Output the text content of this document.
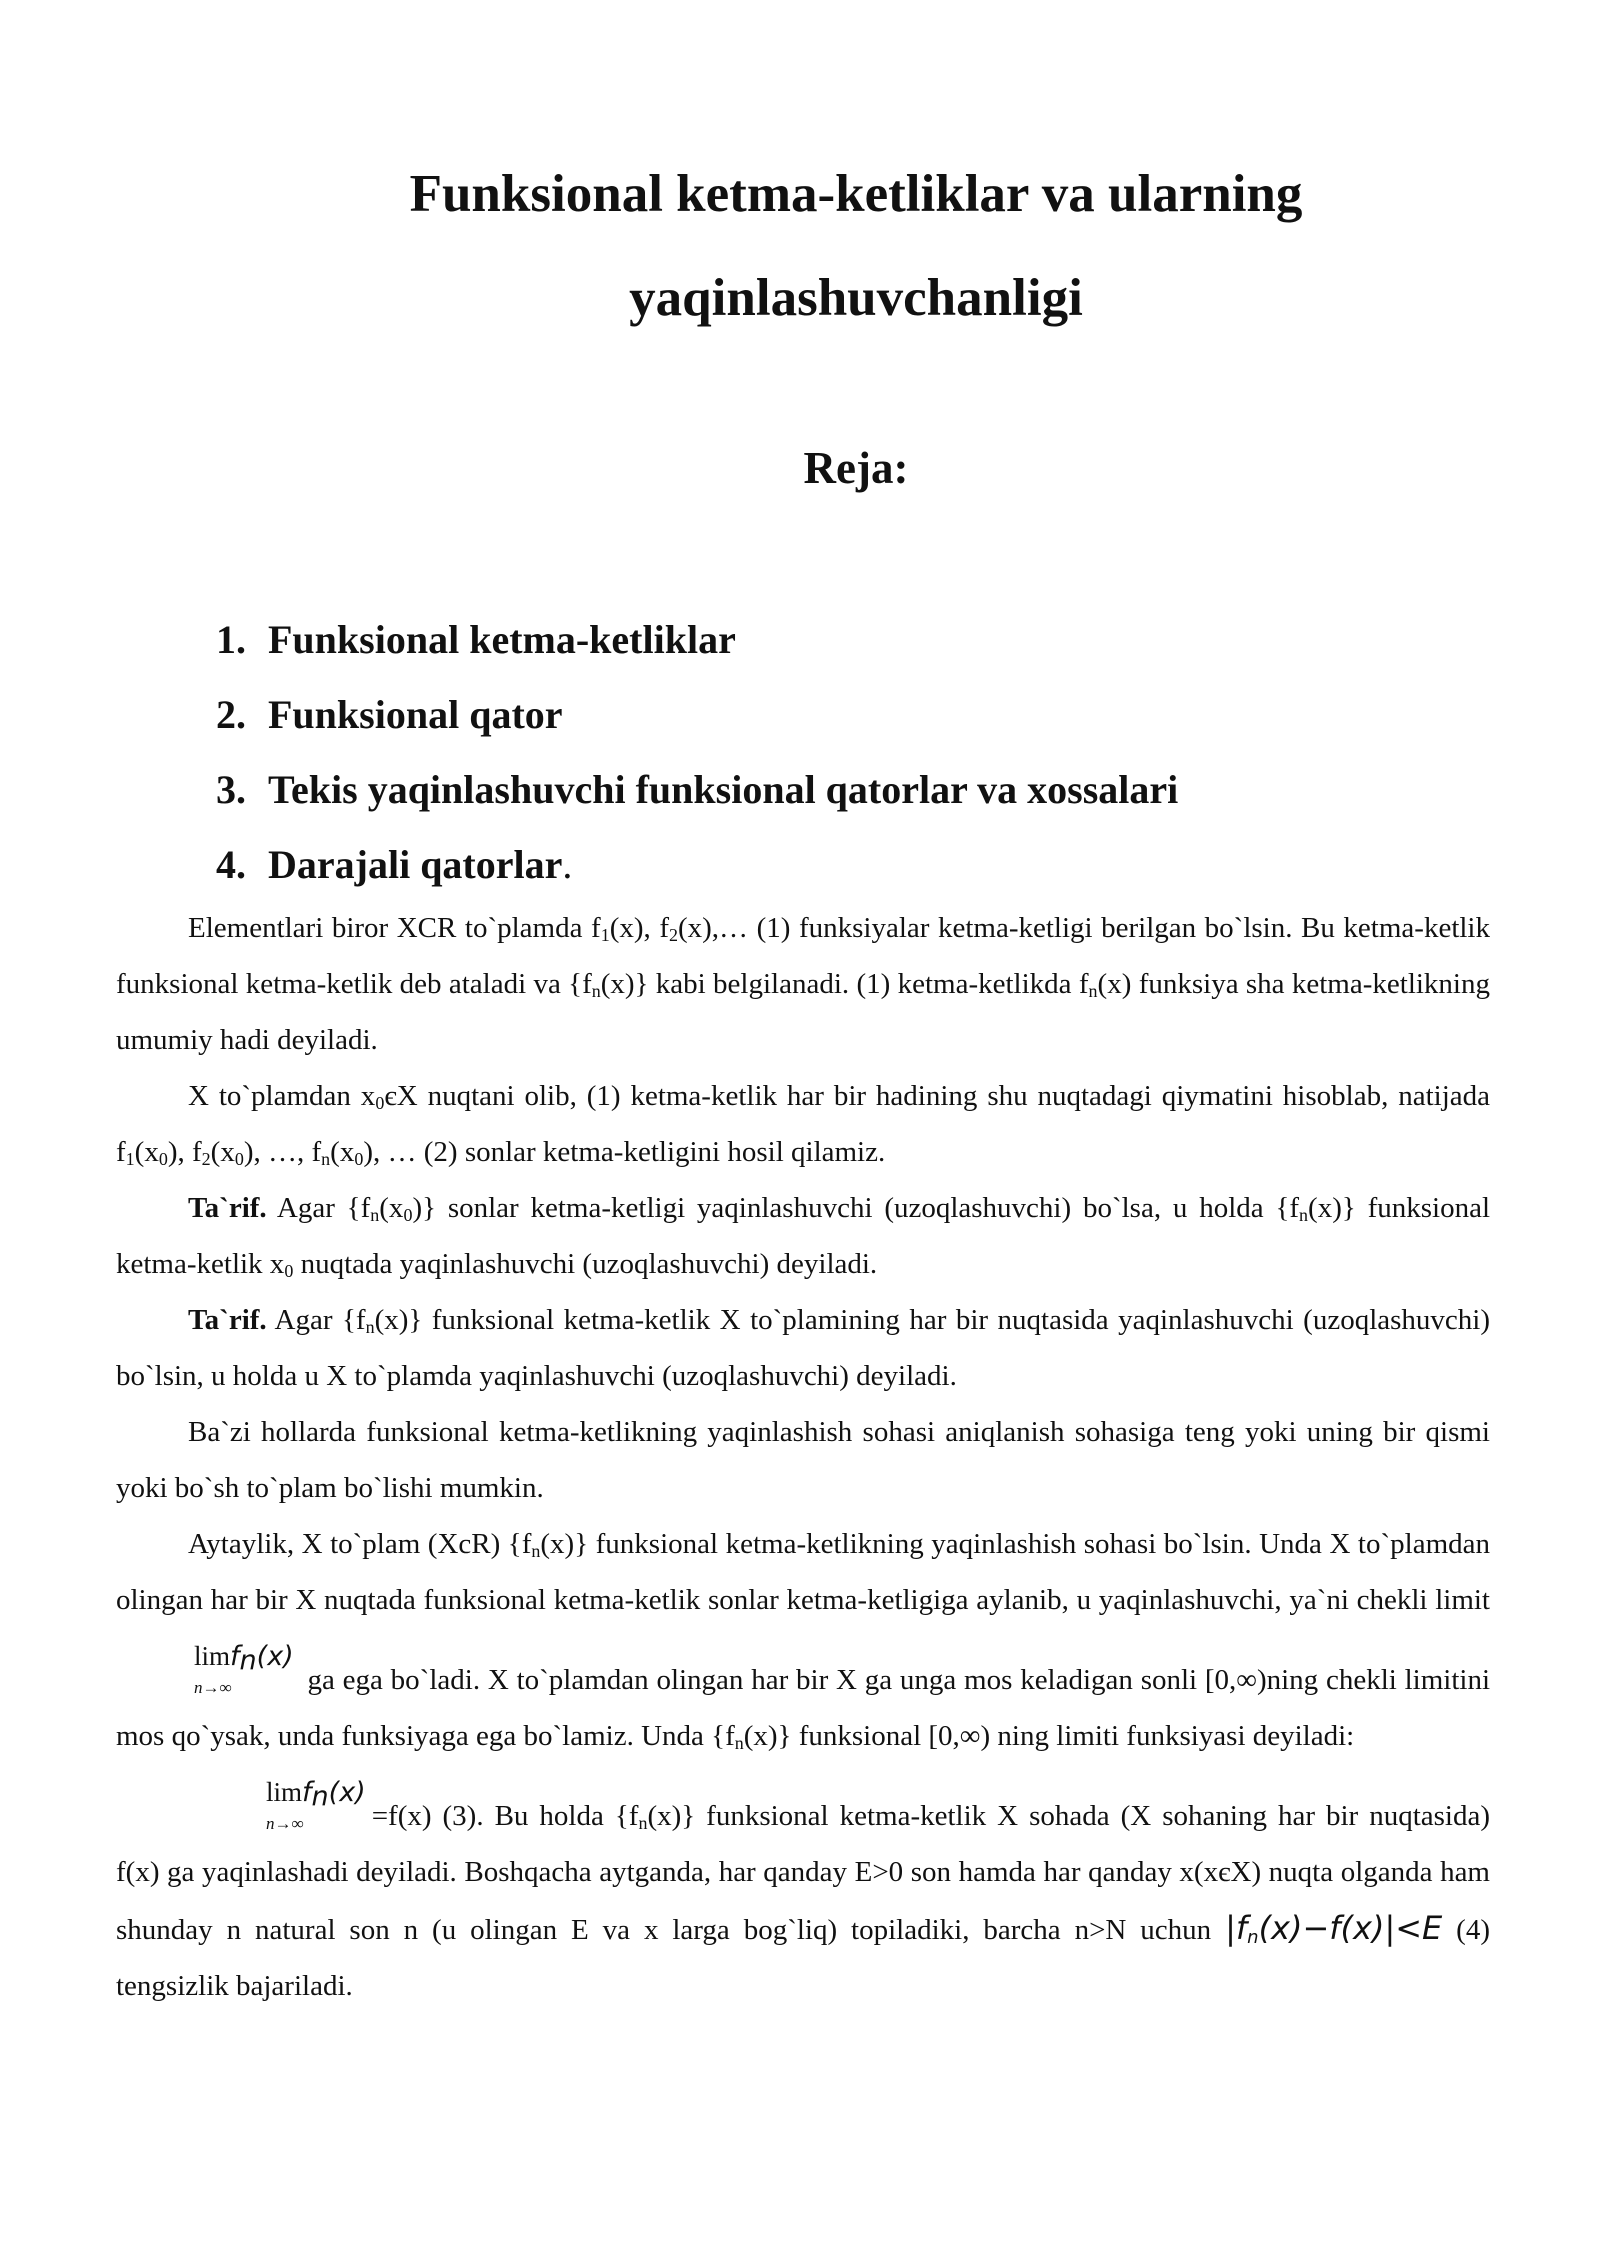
Funksional ketma-ketliklar va ularning
yaqinlashuvchanligi
Reja:
1. Funksional ketma-ketliklar
2. Funksional qator
3. Tekis yaqinlashuvchi funksional qatorlar va xossalari
4. Darajali qatorlar.

Elementlari biror XCR to`plamda $f_1(x)$, $f_2(x),\dots$ (1) funksiyalar ketma-ketligi berilgan bo`lsin. Bu ketma-ketlik funksional ketma-ketlik deb ataladi va $\{f_n(x)\}$ kabi belgilanadi. (1) ketma-ketlikda $f_n(x)$ funksiya sha ketma-ketlikning umumiy hadi deyiladi.

X to`plamdan $x_0єX$ nuqtani olib, (1) ketma-ketlik har bir hadining shu nuqtadagi qiymatini hisoblab, natijada $f_1(x_0)$, $f_2(x_0)$, …, $f_n(x_0)$, … (2) sonlar ketma-ketligini hosil qilamiz.

Ta`rif. Agar $\{f_n(x_0)\}$ sonlar ketma-ketligi yaqinlashuvchi (uzoqlashuvchi) bo`lsa, u holda $\{f_n(x)\}$ funksional ketma-ketlik $x_0$ nuqtada yaqinlashuvchi (uzoqlashuvchi) deyiladi.

Ta`rif. Agar $\{f_n(x)\}$ funksional ketma-ketlik X to`plamining har bir nuqtasida yaqinlashuvchi (uzoqlashuvchi) bo`lsin, u holda u X to`plamda yaqinlashuvchi (uzoqlashuvchi) deyiladi.

Ba`zi hollarda funksional ketma-ketlikning yaqinlashish sohasi aniqlanish sohasiga teng yoki uning bir qismi yoki bo`sh to`plam bo`lishi mumkin.

Aytaylik, X to`plam (XcR) $\{f_n(x)\}$ funksional ketma-ketlikning yaqinlashish sohasi bo`lsin. Unda X to`plamdan olingan har bir X nuqtada funksional ketma-ketlik sonlar ketma-ketligiga aylanib, u yaqinlashuvchi, ya`ni chekli limit limf$_n$(x)
n→∞	ga ega bo`ladi. X to`plamdan olingan har bir X ga unga mos keladigan sonli [0,∞)ning chekli limitini mos qo`ysak, unda funksiyaga ega bo`lamiz. Unda $\{f_n(x)\}$ funksional [0,∞) ning limiti funksiyasi deyiladi:

limf$_n$(x)
n→∞	=f(x) (3). Bu holda $\{f_n(x)\}$ funksional ketma-ketlik X sohada (X sohaning har bir nuqtasida) f(x) ga yaqinlashadi deyiladi. Boshqacha aytganda, har qanday E>0 son hamda har qanday x(xєX) nuqta olganda ham shunday n natural son n (u olingan E va x larga bog`liq) topiladiki, barcha n>N uchun $|f_n(x)-f(x)|<E$ (4) tengsizlik bajariladi.
